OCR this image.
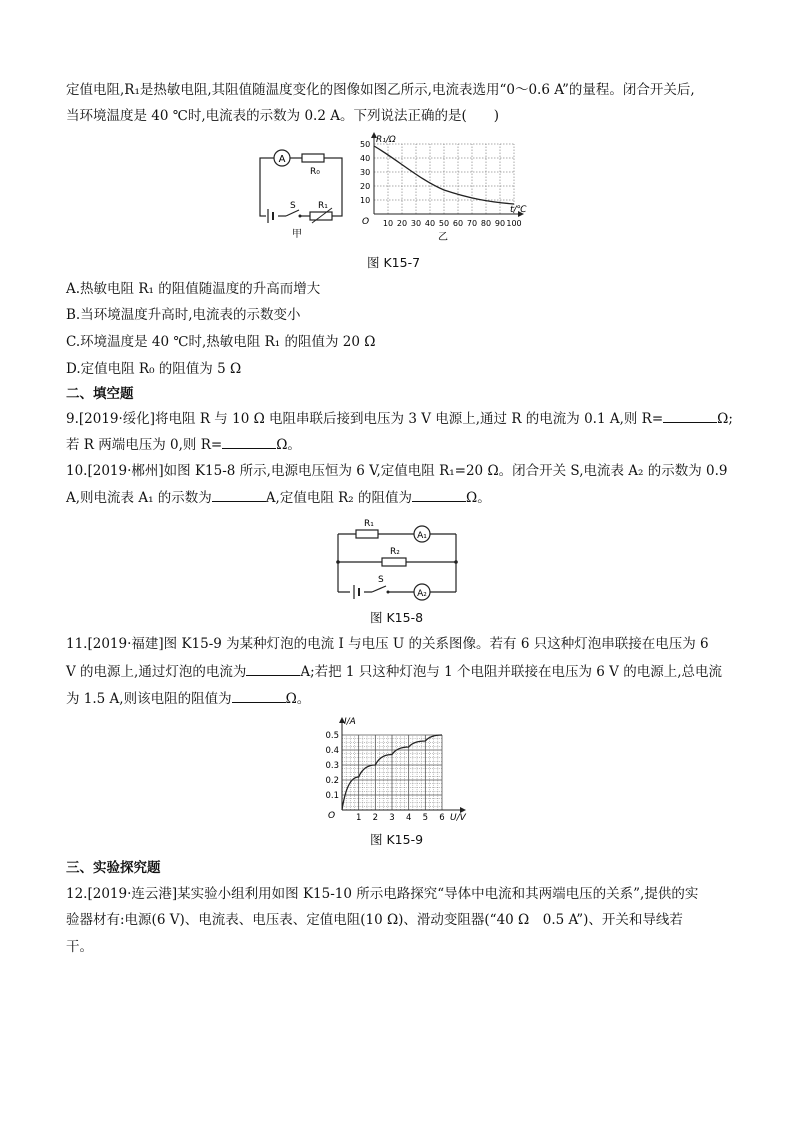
定值电阻,R₁是热敏电阻,其阻值随温度变化的图像如图乙所示,电流表选用“0～0.6 A”的量程。闭合开关后,
当环境温度是 40 ℃时,电流表的示数为 0.2 A。下列说法正确的是(　　)
A
R₀
S R₁
甲
R₁/Ω
t/℃
O
50
40
30
20
10
10 20 30 40 50 60 70 80 90 100
乙
图 K15-7
A.热敏电阻 R₁ 的阻值随温度的升高而增大
B.当环境温度升高时,电流表的示数变小
C.环境温度是 40 ℃时,热敏电阻 R₁ 的阻值为 20 Ω
D.定值电阻 R₀ 的阻值为 5 Ω
二、填空题
9.[2019·绥化]将电阻 R 与 10 Ω 电阻串联后接到电压为 3 V 电源上,通过 R 的电流为 0.1 A,则 R=	Ω;
若 R 两端电压为 0,则 R=	Ω。
10.[2019·郴州]如图 K15-8 所示,电源电压恒为 6 V,定值电阻 R₁=20 Ω。闭合开关 S,电流表 A₂ 的示数为 0.9
A,则电流表 A₁ 的示数为	A,定值电阻 R₂ 的阻值为	Ω。
R₁
A₁
R₂
S
A₂
图 K15-8
11.[2019·福建]图 K15-9 为某种灯泡的电流 I 与电压 U 的关系图像。若有 6 只这种灯泡串联接在电压为 6
V 的电源上,通过灯泡的电流为	A;若把 1 只这种灯泡与 1 个电阻并联接在电压为 6 V 的电源上,总电流
为 1.5 A,则该电阻的阻值为	Ω。
1 2 3 4 5 6
0.5
0.4
0.3
0.2
0.1
I/A
U/V
O
图 K15-9
三、实验探究题
12.[2019·连云港]某实验小组利用如图 K15-10 所示电路探究“导体中电流和其两端电压的关系”,提供的实
验器材有:电源(6 V)、电流表、电压表、定值电阻(10 Ω)、滑动变阻器(“40 Ω　0.5 A”)、开关和导线若
干。
